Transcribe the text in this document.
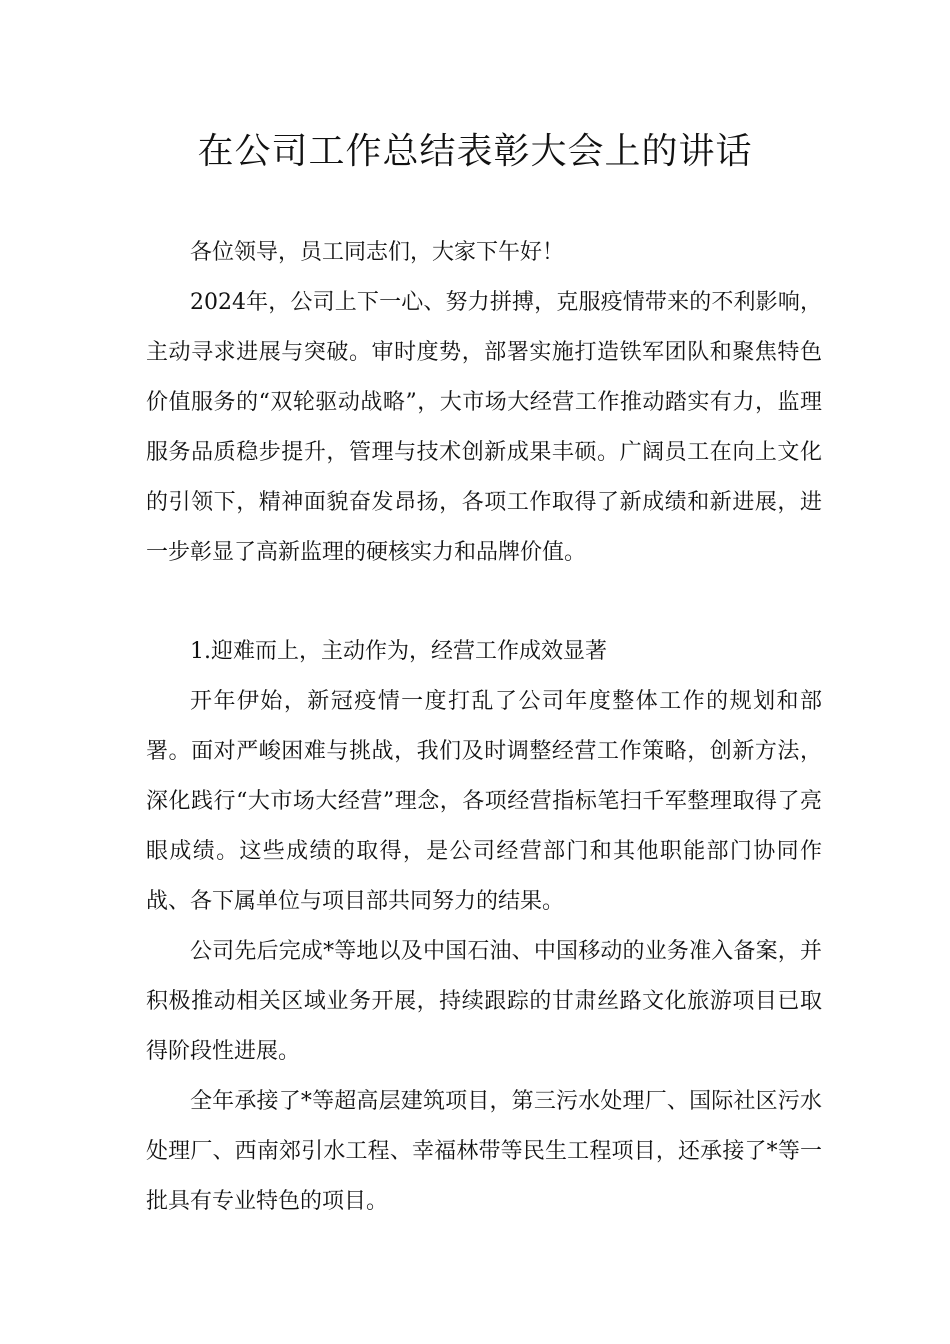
在公司工作总结表彰大会上的讲话

各位领导，员工同志们，大家下午好！

2024年，公司上下一心、努力拼搏，克服疫情带来的不利影响，主动寻求进展与突破。审时度势，部署实施打造铁军团队和聚焦特色价值服务的“双轮驱动战略”，大市场大经营工作推动踏实有力，监理服务品质稳步提升，管理与技术创新成果丰硕。广阔员工在向上文化的引领下，精神面貌奋发昂扬，各项工作取得了新成绩和新进展，进一步彰显了高新监理的硬核实力和品牌价值。

1.迎难而上，主动作为，经营工作成效显著

开年伊始，新冠疫情一度打乱了公司年度整体工作的规划和部署。面对严峻困难与挑战，我们及时调整经营工作策略，创新方法，深化践行“大市场大经营”理念，各项经营指标笔扫千军整理取得了亮眼成绩。这些成绩的取得，是公司经营部门和其他职能部门协同作战、各下属单位与项目部共同努力的结果。

公司先后完成*等地以及中国石油、中国移动的业务准入备案，并积极推动相关区域业务开展，持续跟踪的甘肃丝路文化旅游项目已取得阶段性进展。

全年承接了*等超高层建筑项目，第三污水处理厂、国际社区污水处理厂、西南郊引水工程、幸福林带等民生工程项目，还承接了*等一批具有专业特色的项目。
